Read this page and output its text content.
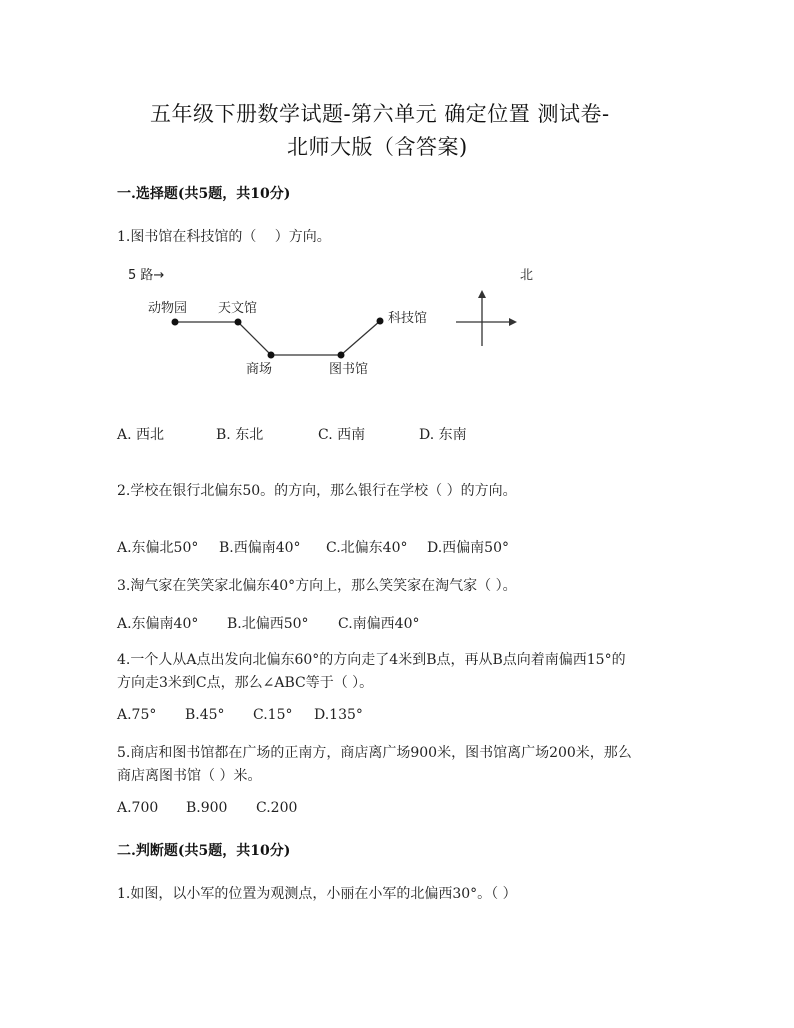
五年级下册数学试题-第六单元 确定位置 测试卷-
北师大版（含答案)
一.选择题(共5题，共10分)
1.图书馆在科技馆的（　 ）方向。
5 路→	北
动物园 天文馆
商场	图书馆
科技馆
A. 西北	B. 东北	C. 西南	D. 东南
2.学校在银行北偏东50。的方向，那么银行在学校（ ）的方向。
A.东偏北50° B.西偏南40° C.北偏东40° D.西偏南50°
3.淘气家在笑笑家北偏东40°方向上，那么笑笑家在淘气家（ ）。
A.东偏南40° B.北偏西50° C.南偏西40°
4.一个人从A点出发向北偏东60°的方向走了4米到B点，再从B点向着南偏西15°的
方向走3米到C点，那么∠ABC等于（ ）。
A.75° B.45° C.15° D.135°
5.商店和图书馆都在广场的正南方，商店离广场900米，图书馆离广场200米，那么
商店离图书馆（ ）米。
A.700 B.900 C.200
二.判断题(共5题，共10分)
1.如图，以小军的位置为观测点，小丽在小军的北偏西30°。（ ）
